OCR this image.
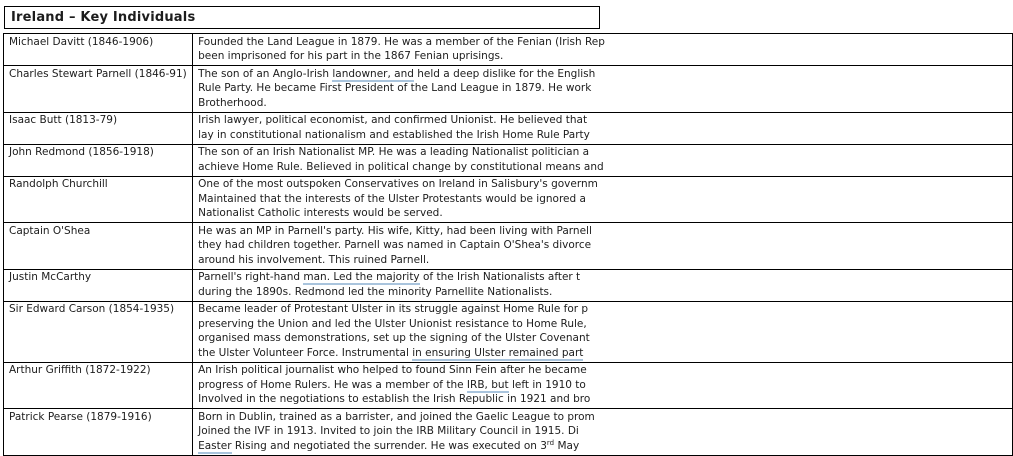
Ireland – Key Individuals
Michael Davitt (1846-1906)	Founded the Land League in 1879. He was a member of the Fenian (Irish Rep
been imprisoned for his part in the 1867 Fenian uprisings.

Charles Stewart Parnell (1846-91)	The son of an Anglo-Irish landowner, and held a deep dislike for the English
Rule Party. He became First President of the Land League in 1879. He work
Brotherhood.

Isaac Butt (1813-79)	Irish lawyer, political economist, and confirmed Unionist. He believed that
lay in constitutional nationalism and established the Irish Home Rule Party

John Redmond (1856-1918)	The son of an Irish Nationalist MP. He was a leading Nationalist politician a
achieve Home Rule. Believed in political change by constitutional means and

Randolph Churchill	One of the most outspoken Conservatives on Ireland in Salisbury's governm
Maintained that the interests of the Ulster Protestants would be ignored a
Nationalist Catholic interests would be served.

Captain O'Shea	He was an MP in Parnell's party. His wife, Kitty, had been living with Parnell
they had children together. Parnell was named in Captain O'Shea's divorce
around his involvement. This ruined Parnell.

Justin McCarthy	Parnell's right-hand man. Led the majority of the Irish Nationalists after t
during the 1890s. Redmond led the minority Parnellite Nationalists.

Sir Edward Carson (1854-1935)	Became leader of Protestant Ulster in its struggle against Home Rule for p
preserving the Union and led the Ulster Unionist resistance to Home Rule,
organised mass demonstrations, set up the signing of the Ulster Covenant
the Ulster Volunteer Force. Instrumental in ensuring Ulster remained part

Arthur Griffith (1872-1922)	An Irish political journalist who helped to found Sinn Fein after he became
progress of Home Rulers. He was a member of the IRB, but left in 1910 to
Involved in the negotiations to establish the Irish Republic in 1921 and bro

Patrick Pearse (1879-1916)	Born in Dublin, trained as a barrister, and joined the Gaelic League to prom
Joined the IVF in 1913. Invited to join the IRB Military Council in 1915. Di
Easter Rising and negotiated the surrender. He was executed on 3rd May
